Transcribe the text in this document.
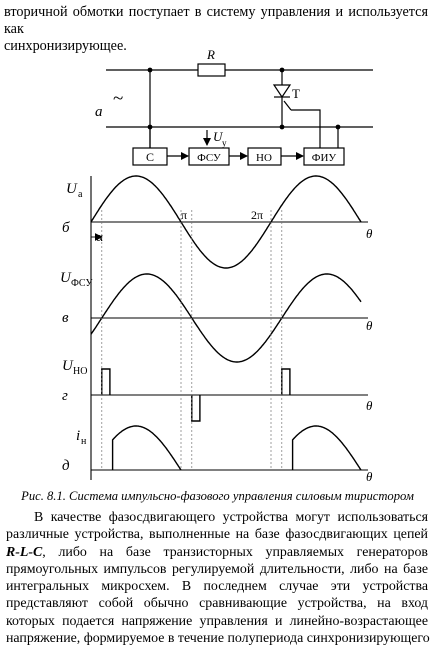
вторичной обмотки поступает в систему управления и используется как
синхронизирующее.

а
~
R
T
U y
С	ФСУ	НО	ФИУ
U а
б
α
π	2π
θ
U ФСУ
в	θ
U НО
г
θ
i н
д
θ

Рис. 8.1. Система импульсно-фазового управления силовым тиристором

В качестве фазосдвигающего устройства могут использоваться
различные устройства, выполненные на базе фазосдвигающих цепей
R-L-C, либо на базе транзисторных управляемых генераторов
прямоугольных импульсов регулируемой длительности, либо на базе
интегральных микросхем. В последнем случае эти устройства
представляют собой обычно сравнивающие устройства, на вход
которых подается напряжение управления и линейно-возрастающее
напряжение, формируемое в течение полупериода синхронизирующего
